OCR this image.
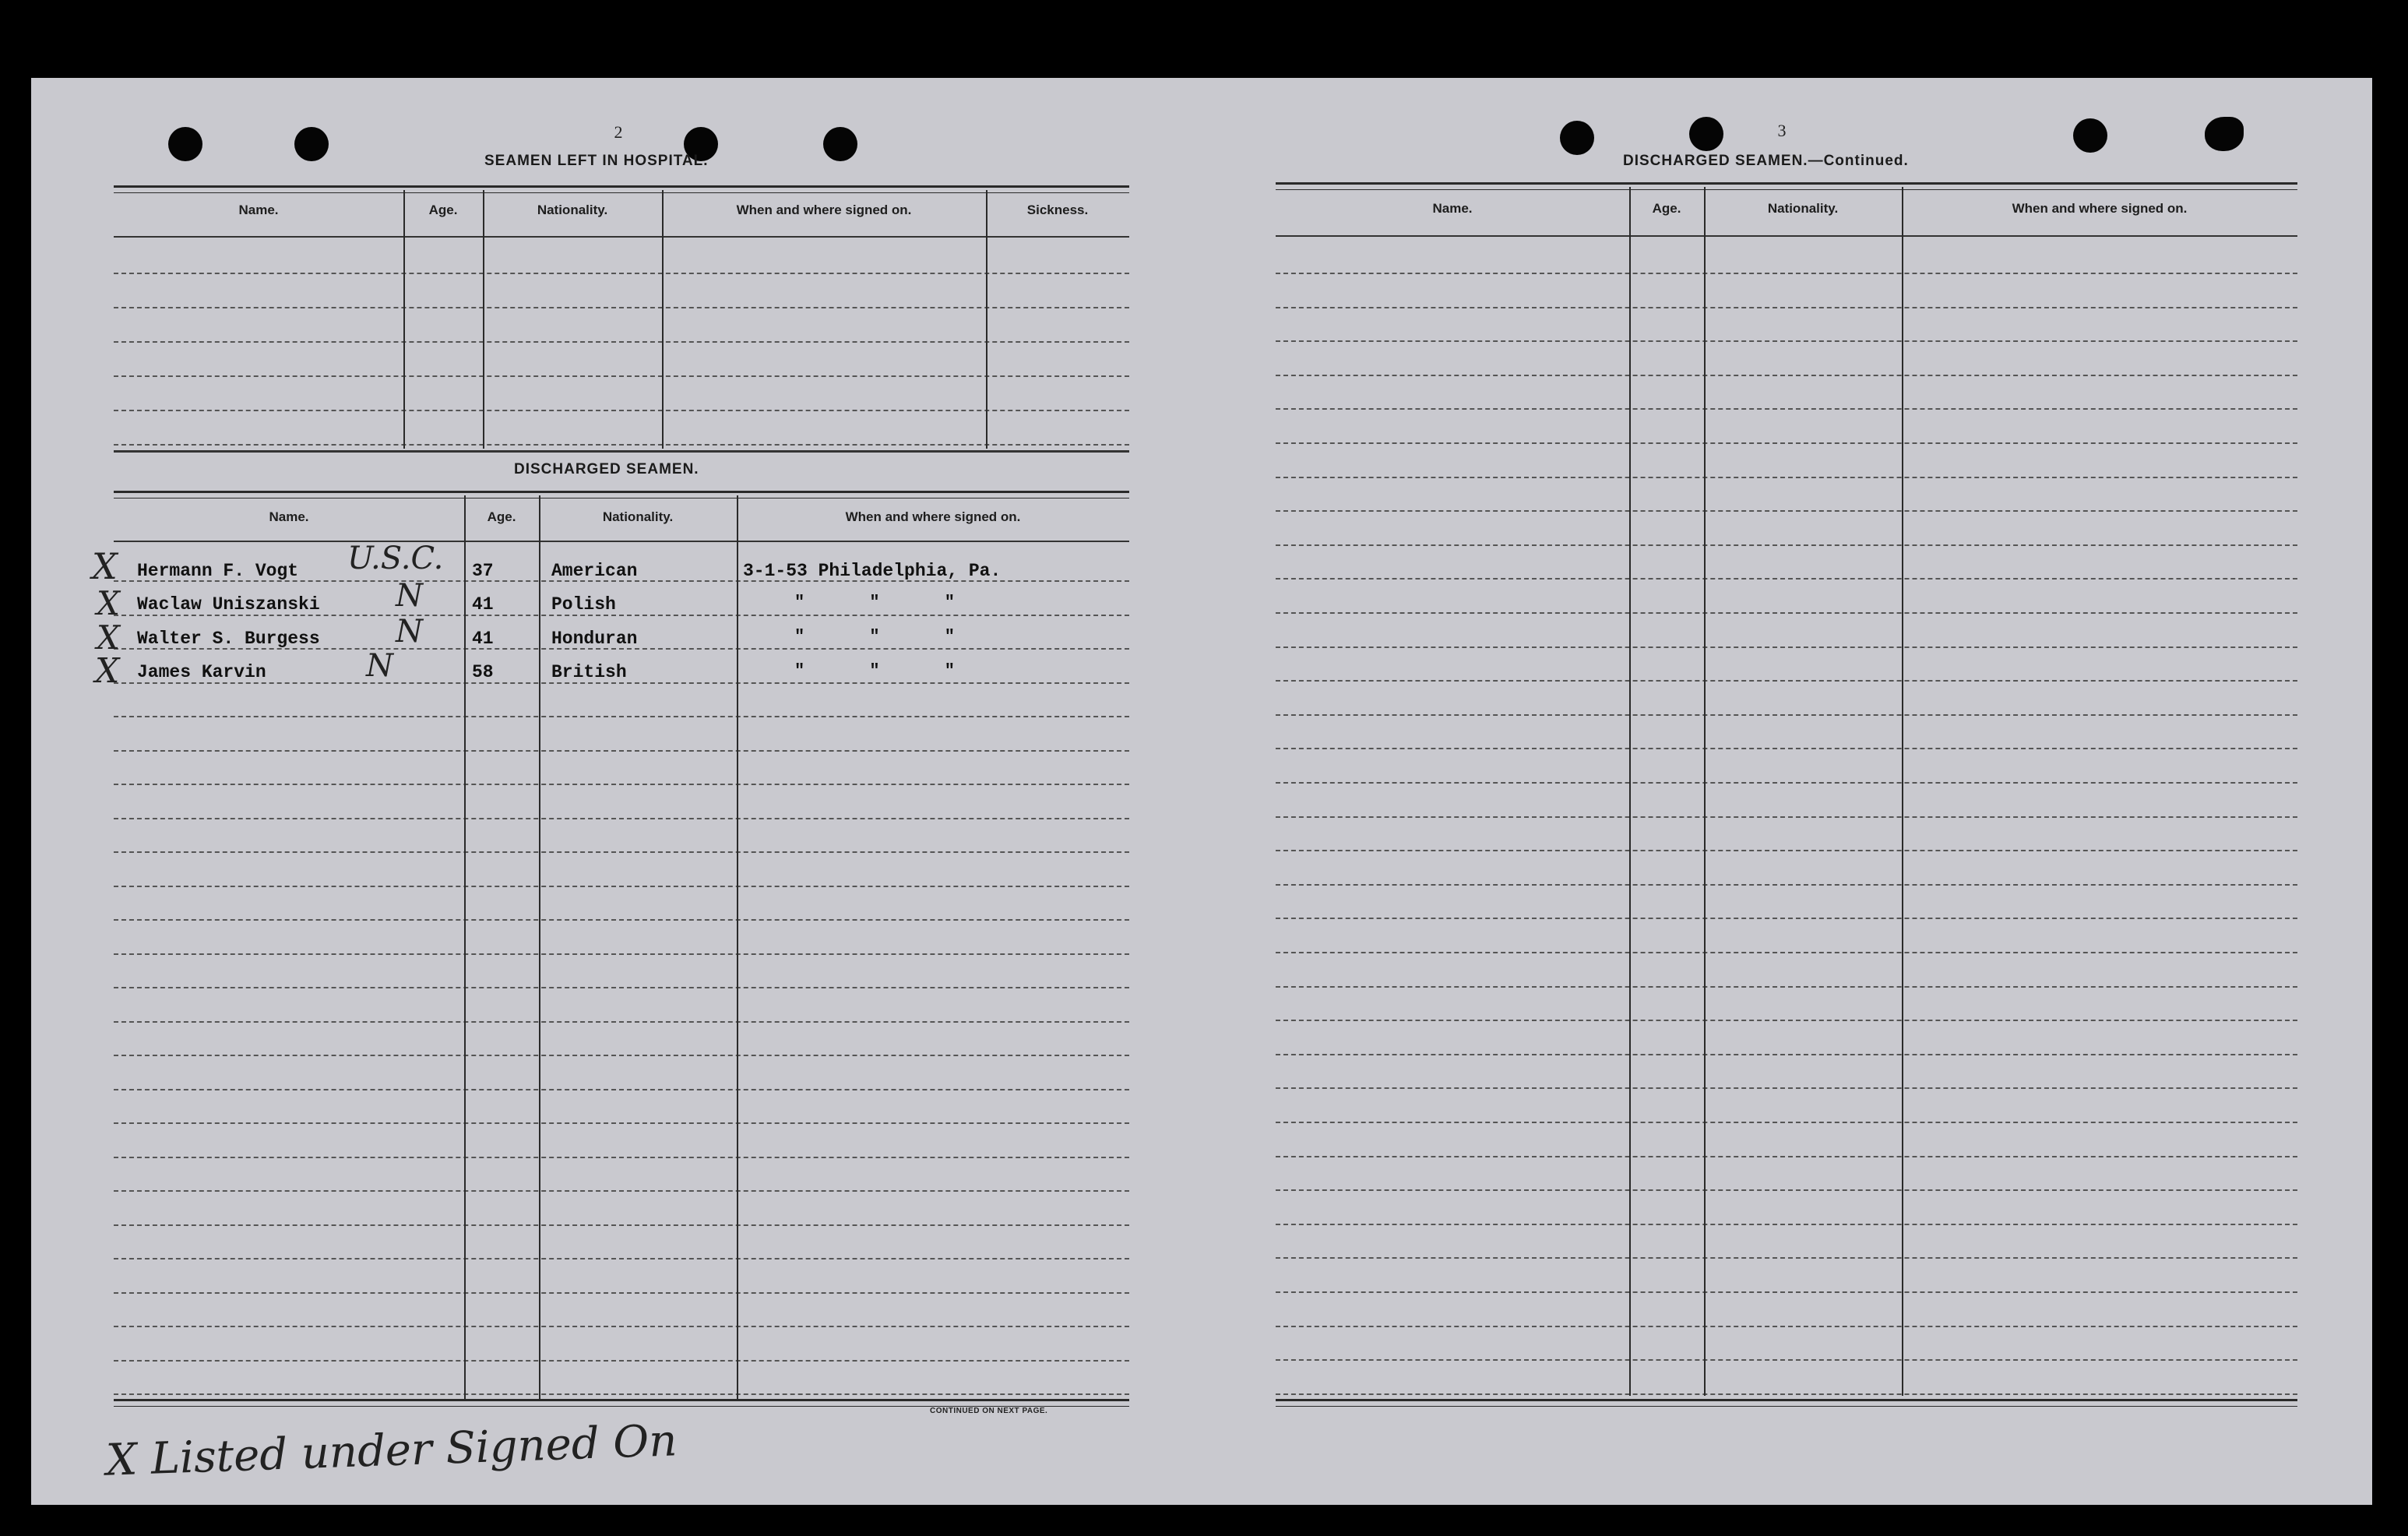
2
SEAMEN LEFT IN HOSPITAL.
Name.	Age.	Nationality.	When and where signed on.	Sickness.
DISCHARGED SEAMEN.
Name.	Age.	Nationality.	When and where signed on.
Hermann F. Vogt	37	American	3-1-53 Philadelphia, Pa.
Waclaw Uniszanski	41	Polish	" " "
Walter S. Burgess	41	Honduran	" " "
James Karvin	58	British	" " "
X
X
X
X
U.S.C.
N
N
N
CONTINUED ON NEXT PAGE.
X Listed under Signed On
3
DISCHARGED SEAMEN.—Continued.
Name.	Age.	Nationality.	When and where signed on.
